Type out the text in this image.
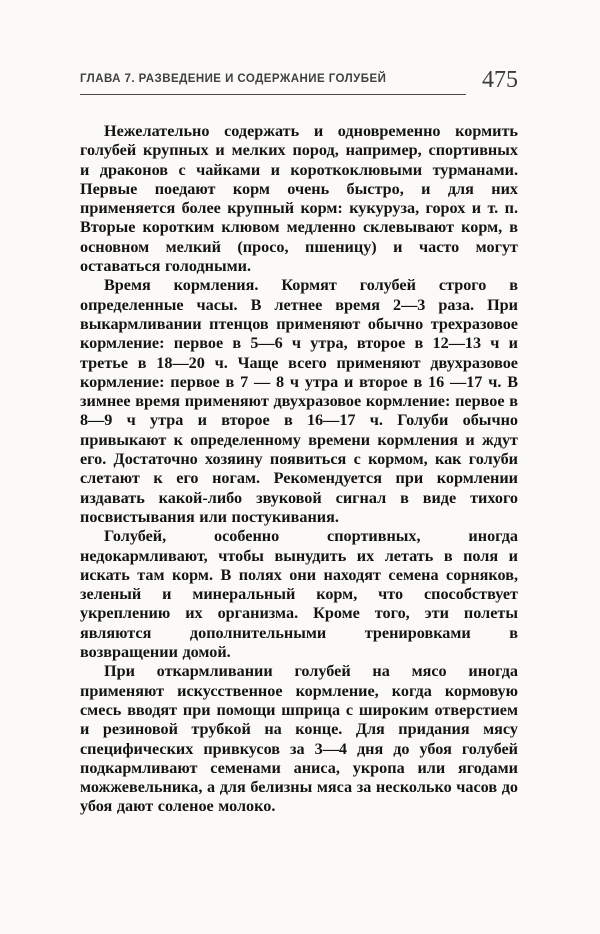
ГЛАВА 7. РАЗВЕДЕНИЕ И СОДЕРЖАНИЕ ГОЛУБЕЙ	475

Нежелательно содержать и одновременно кормить голубей крупных и мелких пород, например, спортивных и драконов с чайками и короткоклювыми турманами. Первые поедают корм очень быстро, и для них применяется более крупный корм: кукуруза, горох и т. п. Вторые коротким клювом медленно склевывают корм, в основном мелкий (просо, пшеницу) и часто могут оставаться голодными.

Время кормления. Кормят голубей строго в определенные часы. В летнее время 2—3 раза. При выкармливании птенцов применяют обычно трехразовое кормление: первое в 5—6 ч утра, второе в 12—13 ч и третье в 18—20 ч. Чаще всего применяют двухразовое кормление: первое в 7 — 8 ч утра и второе в 16 —17 ч. В зимнее время применяют двухразовое кормление: первое в 8—9 ч утра и второе в 16—17 ч. Голуби обычно привыкают к определенному времени кормления и ждут его. Достаточно хозяину появиться с кормом, как голуби слетают к его ногам. Рекомендуется при кормлении издавать какой-либо звуковой сигнал в виде тихого посвистывания или постукивания.

Голубей, особенно спортивных, иногда недокармливают, чтобы вынудить их летать в поля и искать там корм. В полях они находят семена сорняков, зеленый и минеральный корм, что способствует укреплению их организма. Кроме того, эти полеты являются дополнительными тренировками в возвращении домой.

При откармливании голубей на мясо иногда применяют искусственное кормление, когда кормовую смесь вводят при помощи шприца с широким отверстием и резиновой трубкой на конце. Для придания мясу специфических привкусов за 3—4 дня до убоя голубей подкармливают семенами аниса, укропа или ягодами можжевельника, а для белизны мяса за несколько часов до убоя дают соленое молоко.
